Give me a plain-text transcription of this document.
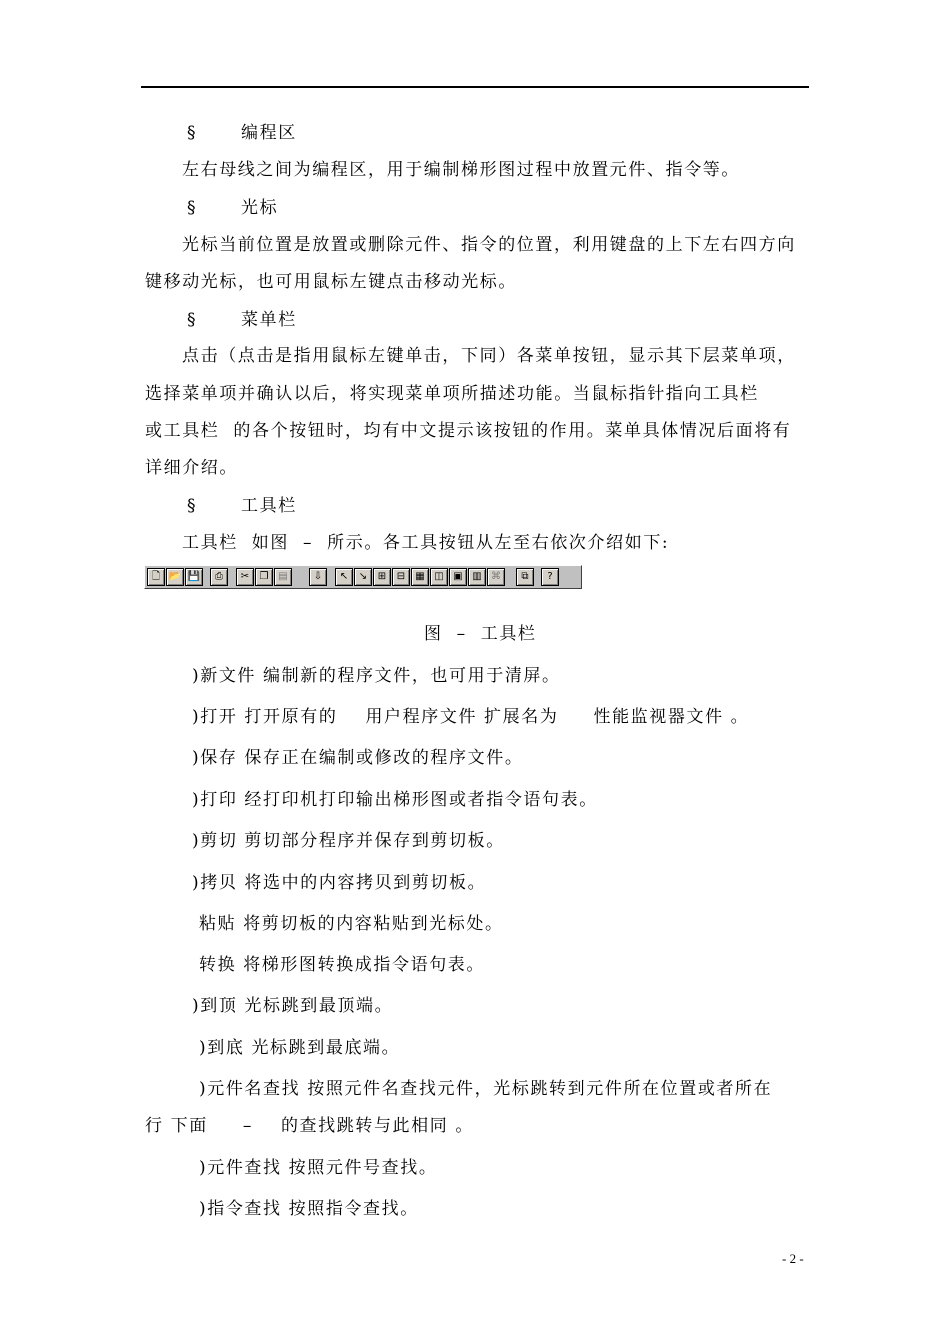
§	编程区
左右母线之间为编程区，用于编制梯形图过程中放置元件、指令等。
§	光标
光标当前位置是放置或删除元件、指令的位置，利用键盘的上下左右四方向
键移动光标，也可用鼠标左键点击移动光标。
§	菜单栏
点击（点击是指用鼠标左键单击，下同）各菜单按钮，显示其下层菜单项，
选择菜单项并确认以后，将实现菜单项所描述功能。当鼠标指针指向工具栏
或工具栏  的各个按钮时，均有中文提示该按钮的作用。菜单具体情况后面将有
详细介绍。
§	工具栏
工具栏  如图  –  所示。各工具按钮从左至右依次介绍如下:
🗋 📂 💾	⎙	✂	❐ ▤	⇩	↖	↘	⊞	⊟	▦ ◫ ▣ ▥ ⌘	⧉	?
图  –  工具栏
)新文件 编制新的程序文件，也可用于清屏。
)打开 打开原有的    用户程序文件 扩展名为     性能监视器文件 。
)保存 保存正在编制或修改的程序文件。
)打印 经打印机打印输出梯形图或者指令语句表。
)剪切 剪切部分程序并保存到剪切板。
)拷贝 将选中的内容拷贝到剪切板。
粘贴 将剪切板的内容粘贴到光标处。
转换 将梯形图转换成指令语句表。
)到顶 光标跳到最顶端。
)到底 光标跳到最底端。
)元件名查找 按照元件名查找元件，光标跳转到元件所在位置或者所在
行 下面     –    的查找跳转与此相同 。
)元件查找 按照元件号查找。
)指令查找 按照指令查找。
- 2 -
